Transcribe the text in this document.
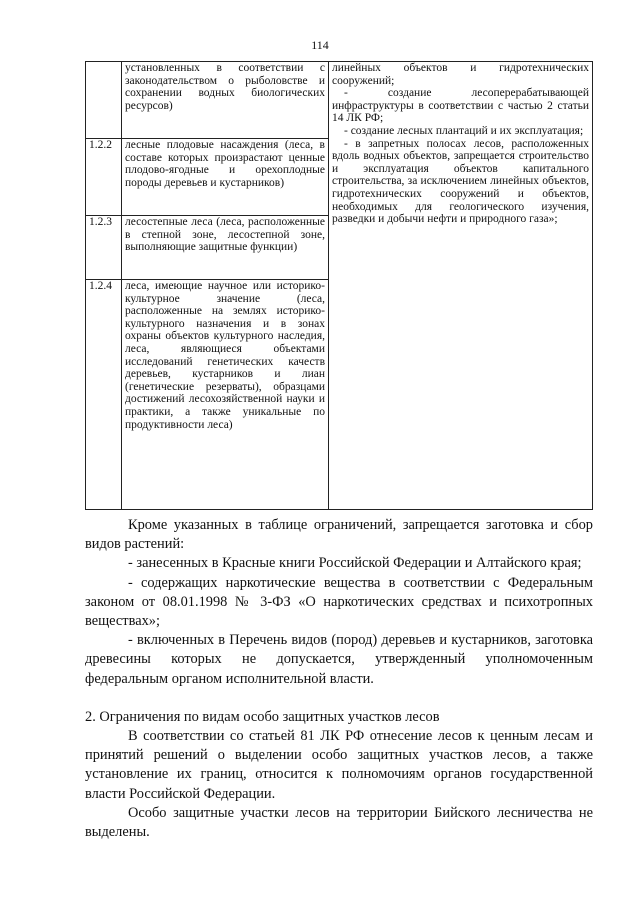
114

	установленных в соответствии с законодательством о рыболовстве и сохранении водных биологических ресурсов)	линейных объектов и гидротехнических сооружений;

- создание лесоперерабатывающей инфраструктуры в соответствии с частью 2 статьи 14 ЛК РФ;

- создание лесных плантаций и их эксплуатация;

- в запретных полосах лесов, расположенных вдоль водных объектов, запрещается строительство и эксплуатация объектов капитального строительства, за исключением линейных объектов, гидротехнических сооружений и объектов, необходимых для геологического изучения, разведки и добычи нефти и природного газа»;

1.2.2	лесные плодовые насаждения (леса, в составе которых произрастают ценные плодово-ягодные и орехоплодные породы деревьев и кустарников)	

1.2.3	лесостепные леса (леса, расположенные в степной зоне, лесостепной зоне, выполняющие защитные функции)	

1.2.4	леса, имеющие научное или историко-культурное значение (леса, расположенные на землях историко-культурного назначения и в зонах охраны объектов культурного наследия, леса, являющиеся объектами исследований генетических качеств деревьев, кустарников и лиан (генетические резерваты), образцами достижений лесохозяйственной науки и практики, а также уникальные по продуктивности леса)	

Кроме указанных в таблице ограничений, запрещается заготовка и сбор видов растений:

- занесенных в Красные книги Российской Федерации и Алтайского края;

- содержащих наркотические вещества в соответствии с Федеральным законом от 08.01.1998 № 3-ФЗ «О наркотических средствах и психотропных веществах»;

- включенных в Перечень видов (пород) деревьев и кустарников, заготовка древесины которых не допускается, утвержденный уполномоченным федеральным органом исполнительной власти.

2. Ограничения по видам особо защитных участков лесов

В соответствии со статьей 81 ЛК РФ отнесение лесов к ценным лесам и принятий решений о выделении особо защитных участков лесов, а также установление их границ, относится к полномочиям органов государственной власти Российской Федерации.

Особо защитные участки лесов на территории Бийского лесничества не выделены.
